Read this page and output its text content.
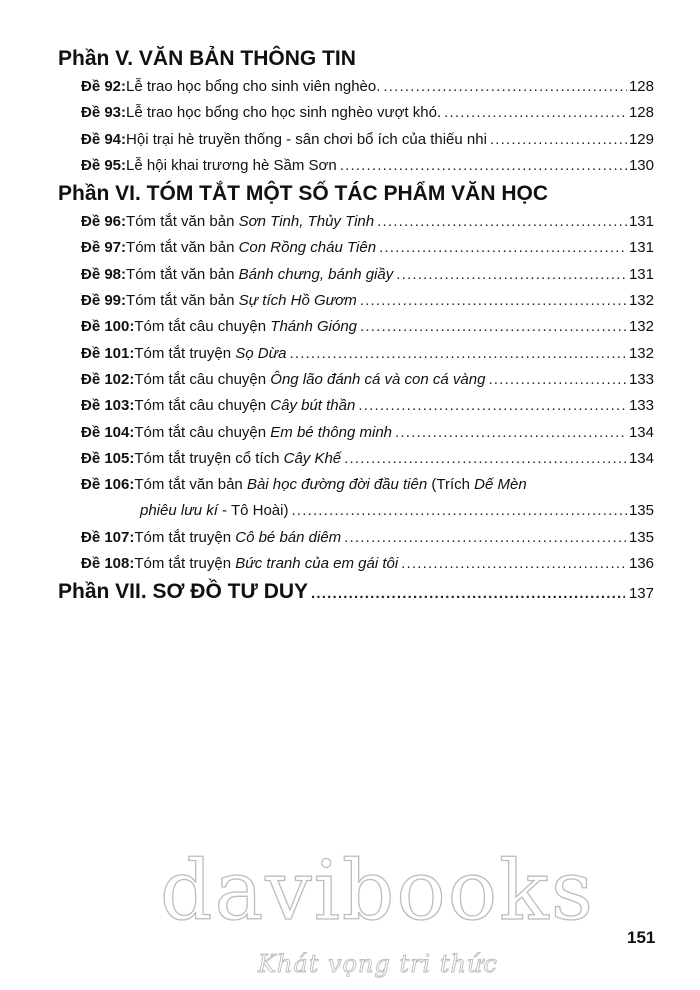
Phần V. VĂN BẢN THÔNG TIN
Đề 92: Lễ trao học bổng cho sinh viên nghèo. .....	128
Đề 93: Lễ trao học bổng cho học sinh nghèo vượt khó. .....	128
Đề 94: Hội trại hè truyền thống - sân chơi bổ ích của thiếu nhi .....	129
Đề 95: Lễ hội khai trương hè Sầm Sơn .....	130
Phần VI. TÓM TẮT MỘT SỐ TÁC PHẨM VĂN HỌC
Đề 96: Tóm tắt văn bản Sơn Tinh, Thủy Tinh .....	131
Đề 97: Tóm tắt văn bản Con Rồng cháu Tiên .....	131
Đề 98: Tóm tắt văn bản Bánh chưng, bánh giầy .....	131
Đề 99: Tóm tắt văn bản Sự tích Hồ Gươm .....	132
Đề 100: Tóm tắt câu chuyện Thánh Gióng .....	132
Đề 101: Tóm tắt truyện Sọ Dừa .....	132
Đề 102: Tóm tắt câu chuyện Ông lão đánh cá và con cá vàng .....	133
Đề 103: Tóm tắt câu chuyện Cây bút thần .....	133
Đề 104: Tóm tắt câu chuyện Em bé thông minh .....	134
Đề 105: Tóm tắt truyện cổ tích Cây Khế .....	134
Đề 106: Tóm tắt văn bản Bài học đường đời đầu tiên (Trích Dế Mèn
phiêu lưu kí - Tô Hoài) .....	135
Đề 107: Tóm tắt truyện Cô bé bán diêm .....	135
Đề 108: Tóm tắt truyện Bức tranh của em gái tôi .....	136
Phần VII. SƠ ĐỒ TƯ DUY .....	137
davibooks 151
Khát vọng tri thức
